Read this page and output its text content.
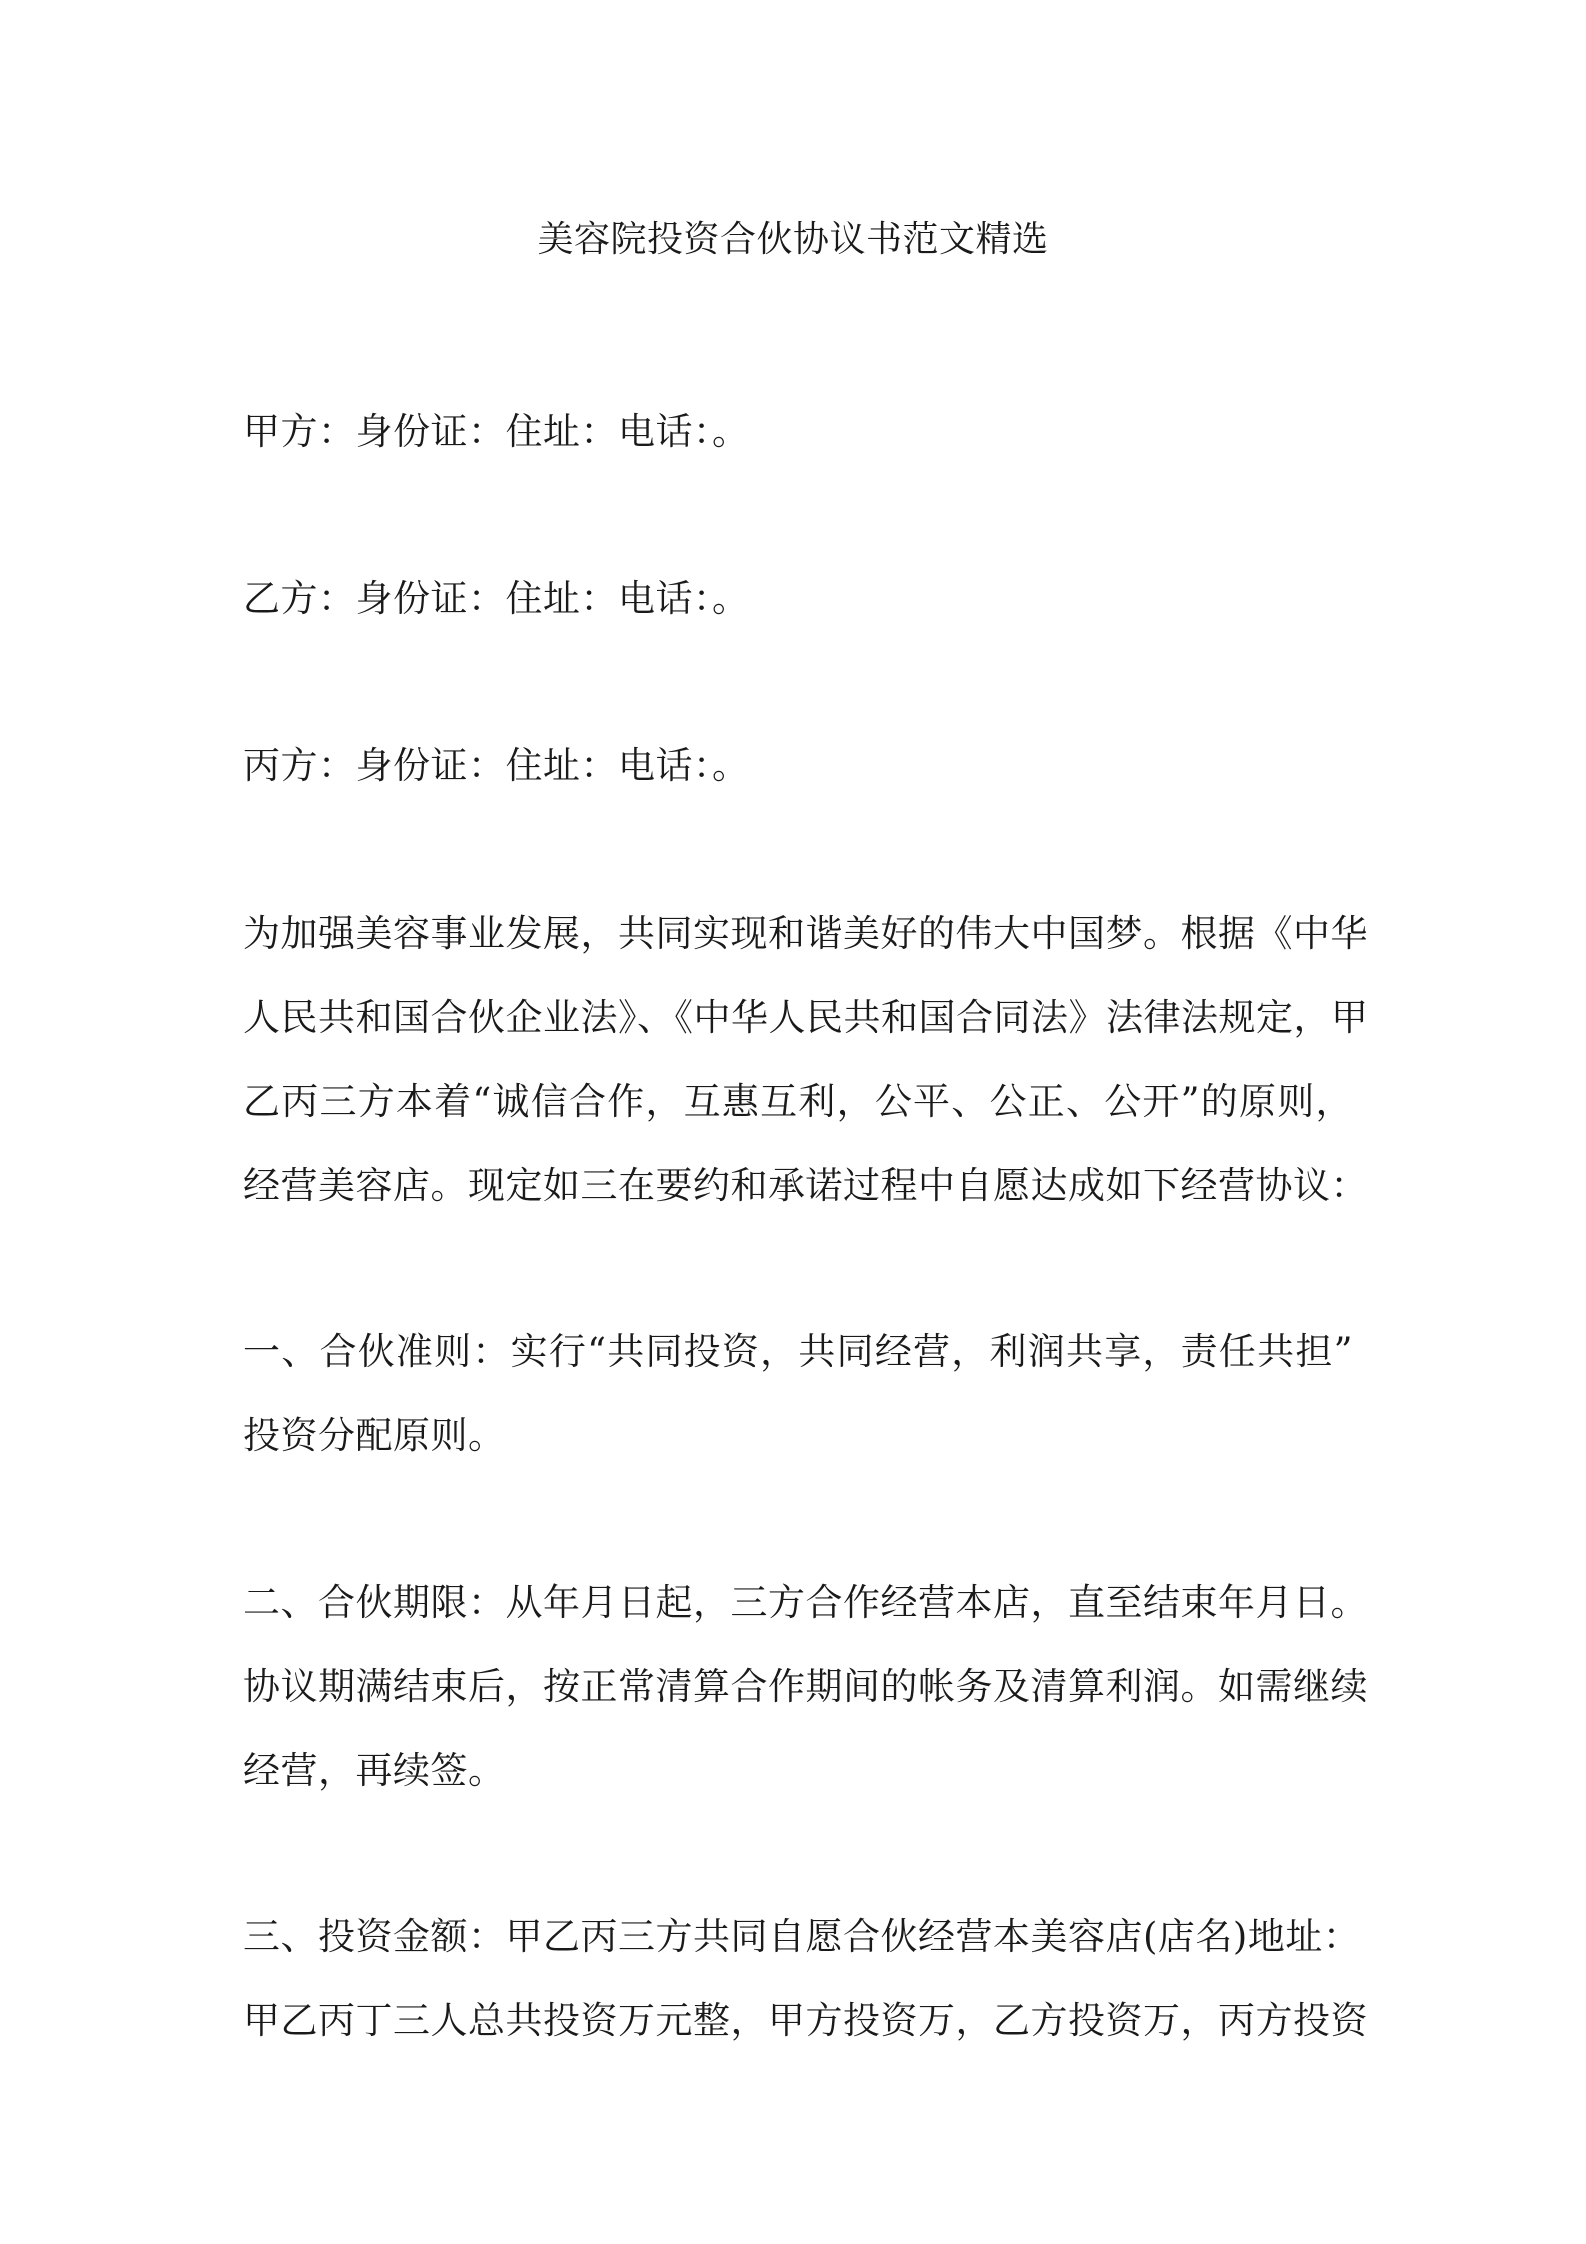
美容院投资合伙协议书范文精选
甲方：身份证：住址：电话：。
乙方：身份证：住址：电话：。
丙方：身份证：住址：电话：。
为加强美容事业发展，共同实现和谐美好的伟大中国梦。根据《中华
人民共和国合伙企业法》、《中华人民共和国合同法》法律法规定，甲
乙丙三方本着“诚信合作，互惠互利，公平、公正、公开”的原则，
经营美容店。现定如三在要约和承诺过程中自愿达成如下经营协议：
一、合伙准则：实行“共同投资，共同经营，利润共享，责任共担”
投资分配原则。
二、合伙期限：从年月日起，三方合作经营本店，直至结束年月日。
协议期满结束后，按正常清算合作期间的帐务及清算利润。如需继续
经营，再续签。
三、投资金额：甲乙丙三方共同自愿合伙经营本美容店(店名)地址：
甲乙丙丁三人总共投资万元整，甲方投资万，乙方投资万，丙方投资
